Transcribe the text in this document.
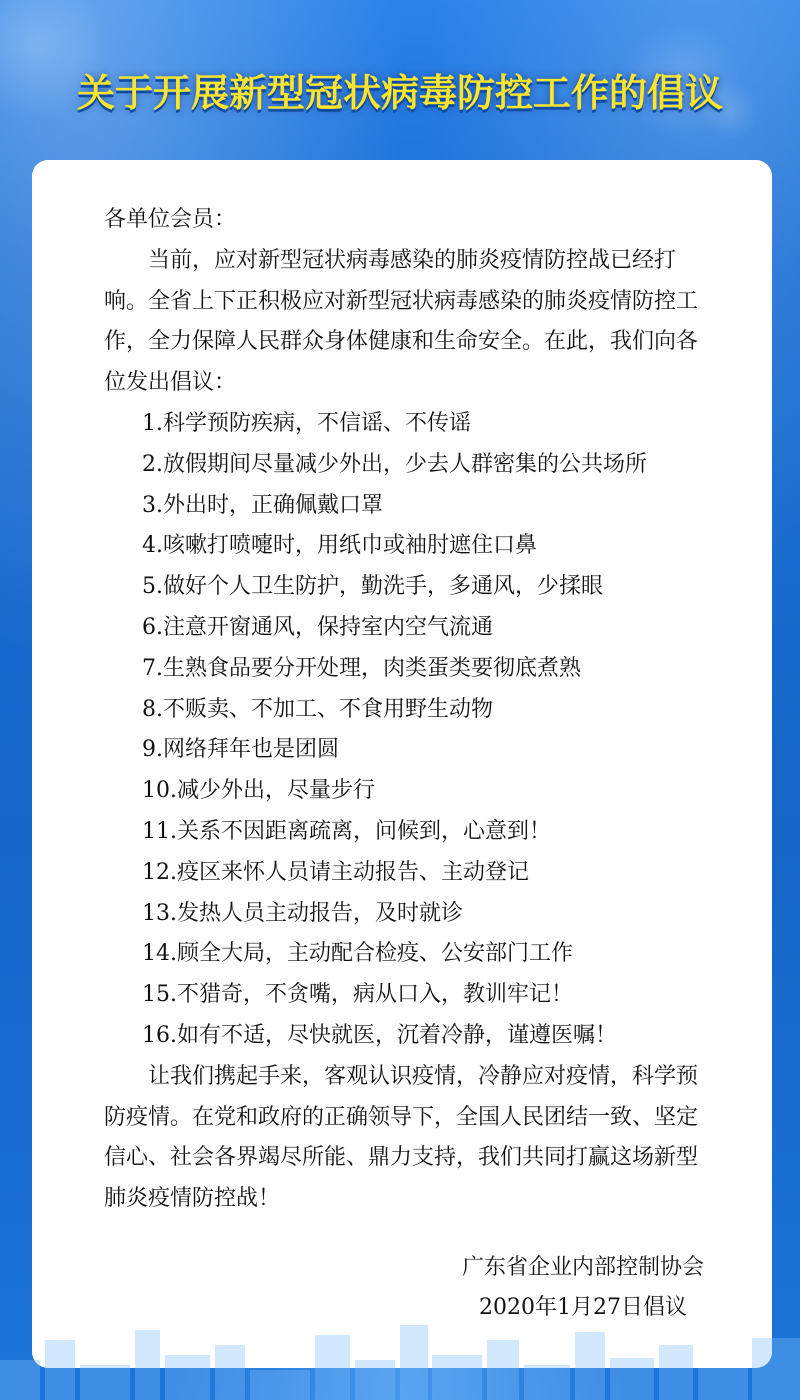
关于开展新型冠状病毒防控工作的倡议

各单位会员：

当前，应对新型冠状病毒感染的肺炎疫情防控战已经打响。全省上下正积极应对新型冠状病毒感染的肺炎疫情防控工作，全力保障人民群众身体健康和生命安全。在此，我们向各位发出倡议：

1.科学预防疾病，不信谣、不传谣
2.放假期间尽量减少外出，少去人群密集的公共场所
3.外出时，正确佩戴口罩
4.咳嗽打喷嚏时，用纸巾或袖肘遮住口鼻
5.做好个人卫生防护，勤洗手，多通风，少揉眼
6.注意开窗通风，保持室内空气流通
7.生熟食品要分开处理，肉类蛋类要彻底煮熟
8.不贩卖、不加工、不食用野生动物
9.网络拜年也是团圆
10.减少外出，尽量步行
11.关系不因距离疏离，问候到，心意到！
12.疫区来怀人员请主动报告、主动登记
13.发热人员主动报告，及时就诊
14.顾全大局，主动配合检疫、公安部门工作
15.不猎奇，不贪嘴，病从口入，教训牢记！
16.如有不适，尽快就医，沉着冷静，谨遵医嘱！

让我们携起手来，客观认识疫情，冷静应对疫情，科学预防疫情。在党和政府的正确领导下，全国人民团结一致、坚定信心、社会各界竭尽所能、鼎力支持，我们共同打赢这场新型肺炎疫情防控战！

广东省企业内部控制协会
2020年1月27日倡议
